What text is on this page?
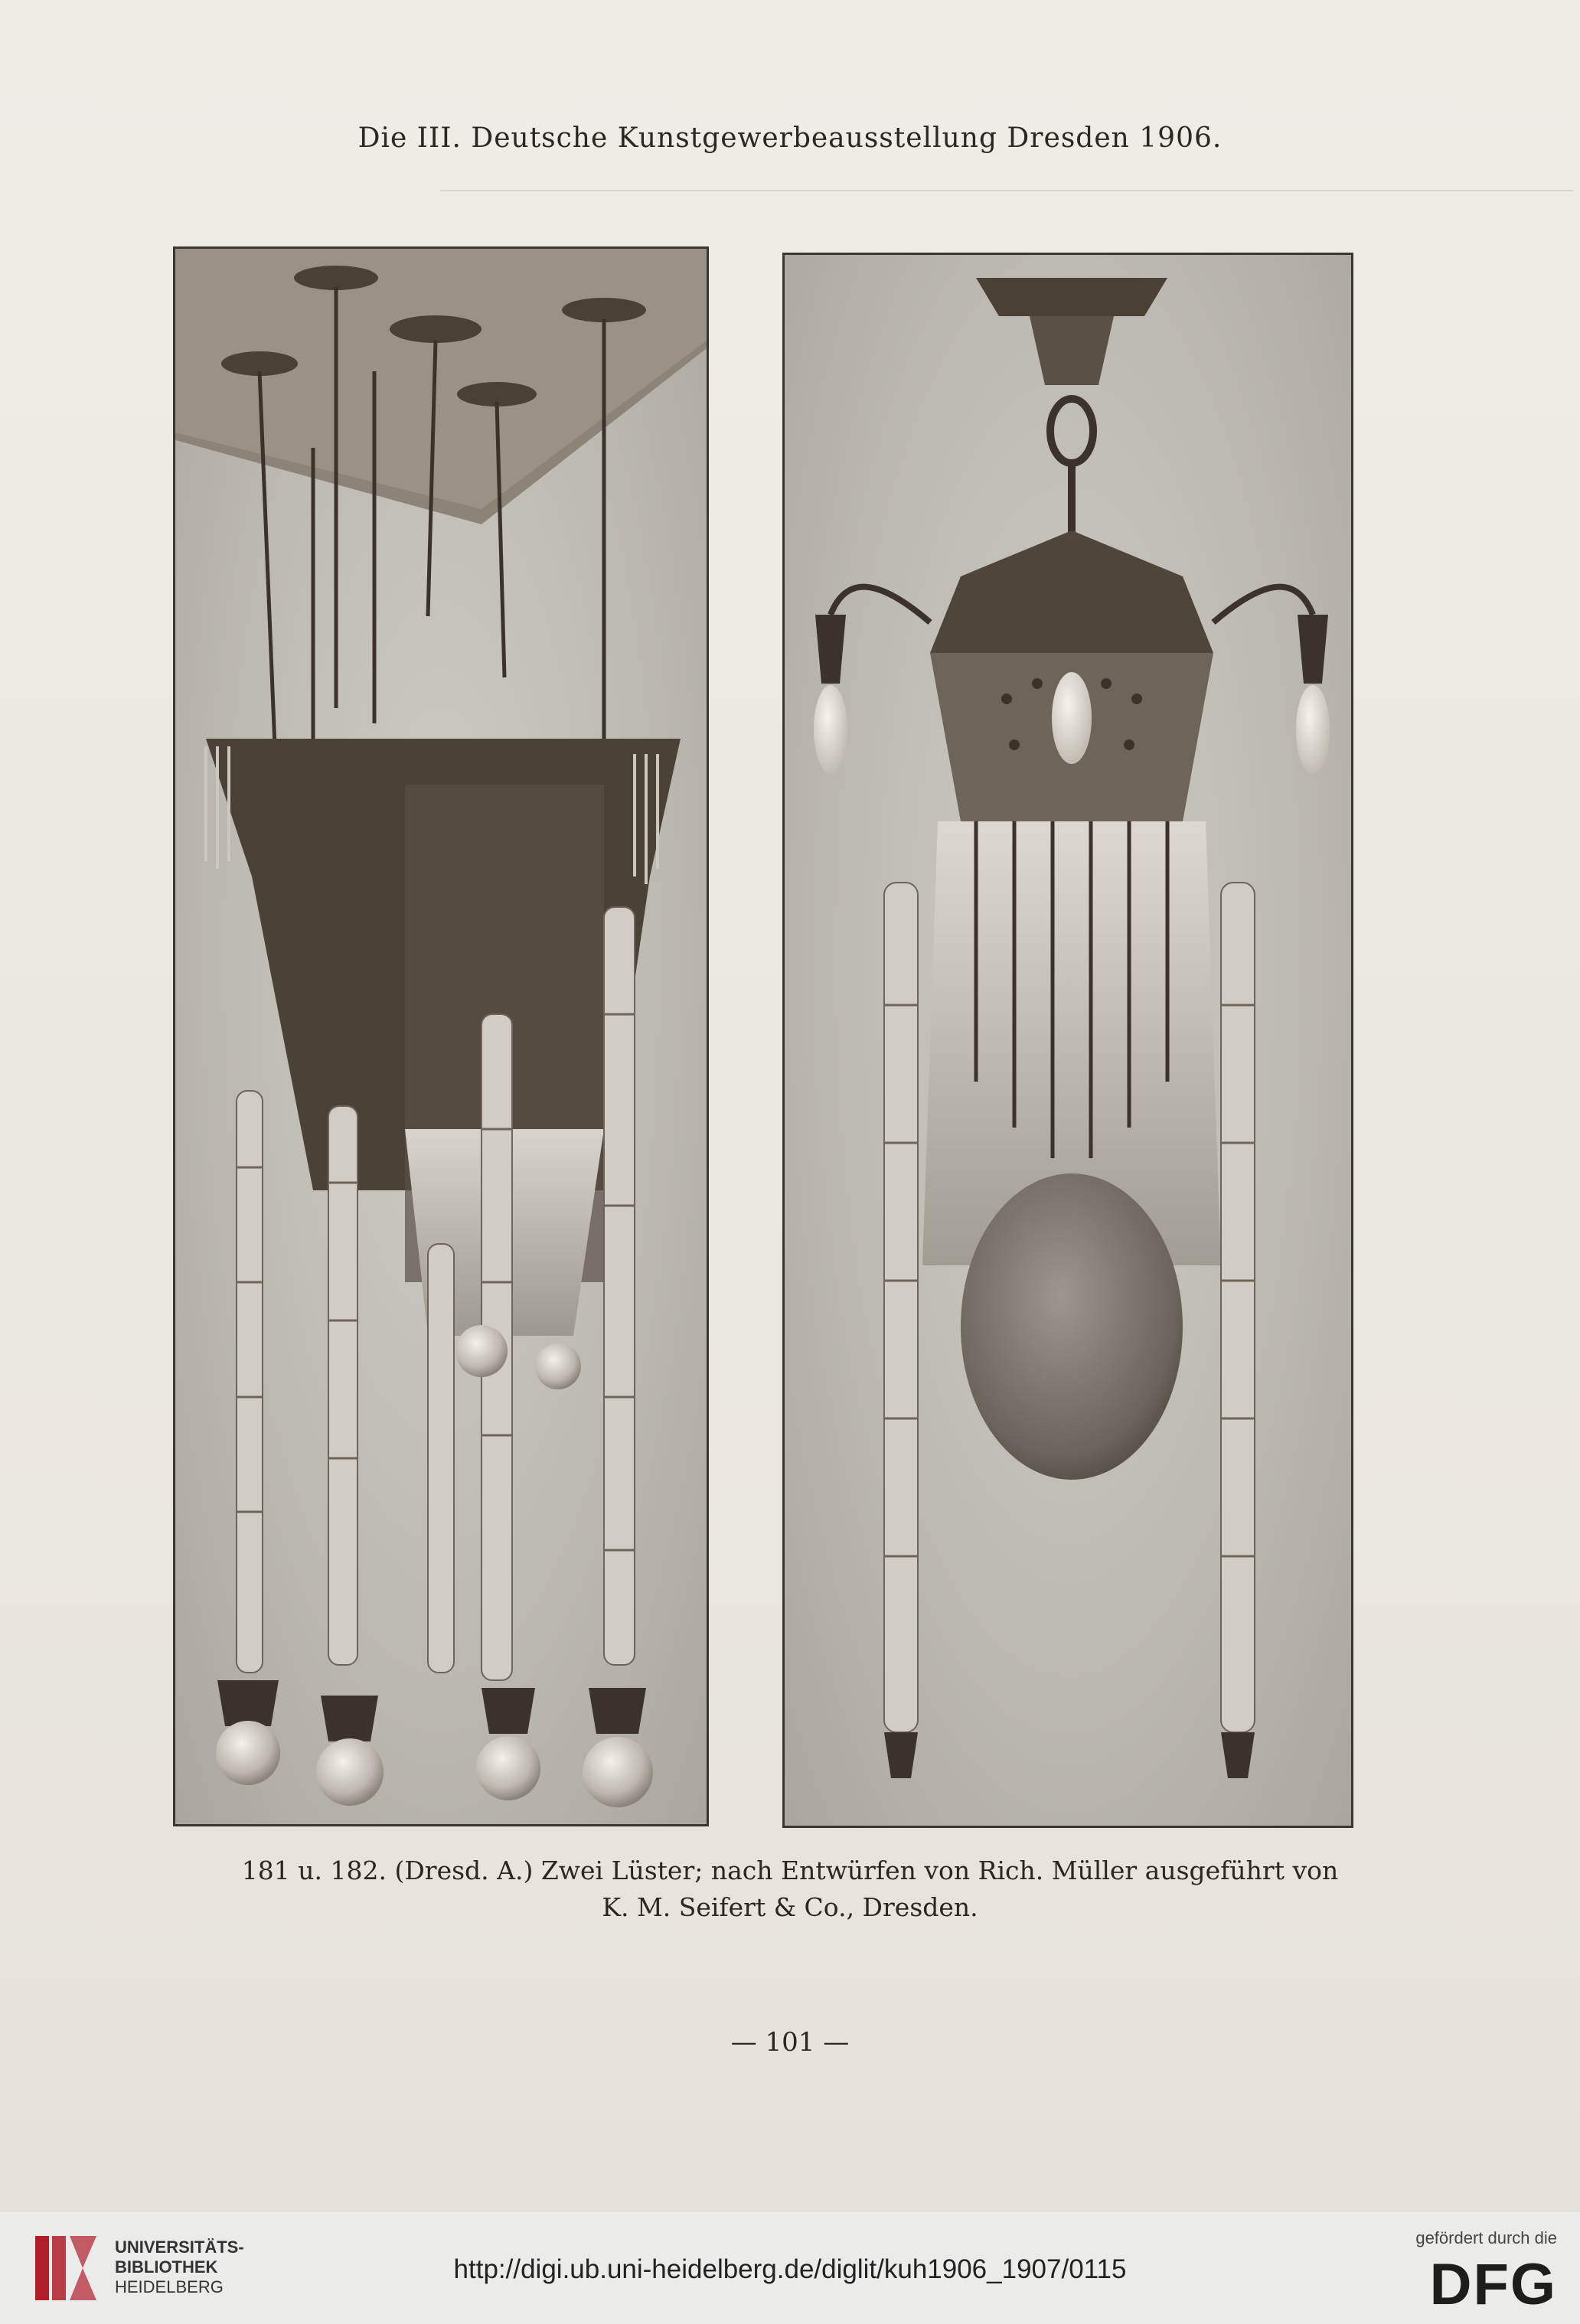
Die III. Deutsche Kunstgewerbeausstellung Dresden 1906.
181 u. 182. (Dresd. A.) Zwei Lüster; nach Entwürfen von Rich. Müller ausgeführt von
K. M. Seifert & Co., Dresden.
— 101 —
UNIVERSITÄTS-
BIBLIOTHEK
HEIDELBERG
http://digi.ub.uni-heidelberg.de/diglit/kuh1906_1907/0115
gefördert durch die
DFG
